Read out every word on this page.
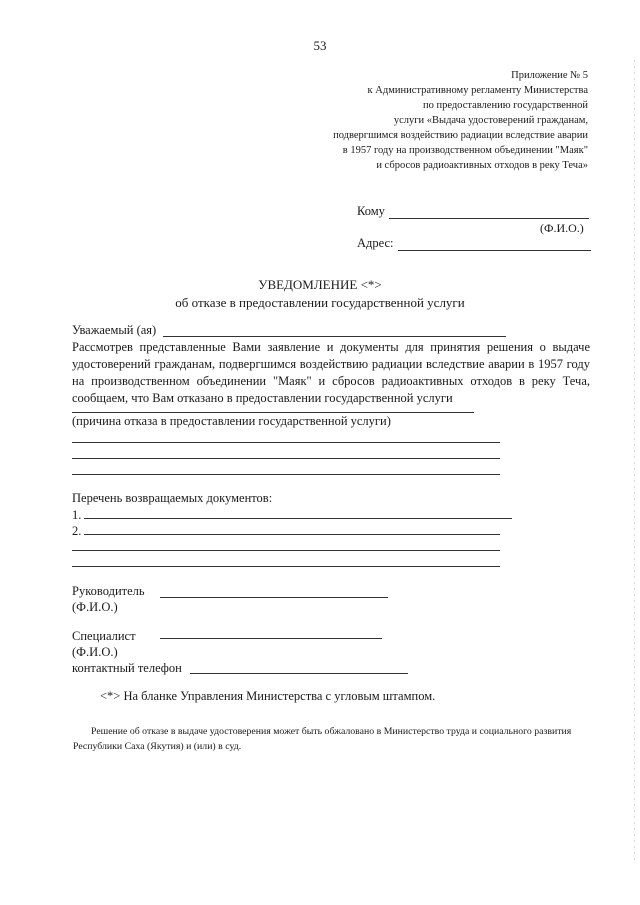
53
Приложение № 5
к Административному регламенту Министерства
по предоставлению государственной
услуги «Выдача удостоверений гражданам,
подвергшимся воздействию радиации вследствие аварии
в 1957 году на производственном объединении "Маяк"
и сбросов радиоактивных отходов в реку Теча»
Кому
(Ф.И.О.)
Адрес:
УВЕДОМЛЕНИЕ <*>
об отказе в предоставлении государственной услуги
Уважаемый (ая)

Рассмотрев представленные Вами заявление и документы для принятия решения о выдаче удостоверений гражданам, подвергшимся воздействию радиации вследствие аварии в 1957 году на производственном объединении "Маяк" и сбросов радиоактивных отходов в реку Теча, сообщаем, что Вам отказано в предоставлении государственной услуги

(причина отказа в предоставлении государственной услуги)
Перечень возвращаемых документов:
1.
2.
Руководитель
(Ф.И.О.)
Специалист
(Ф.И.О.)
контактный телефон
<*> На бланке Управления Министерства с угловым штампом.
Решение об отказе в выдаче удостоверения может быть обжаловано в Министерство труда и социального развития Республики Саха (Якутия) и (или) в суд.
